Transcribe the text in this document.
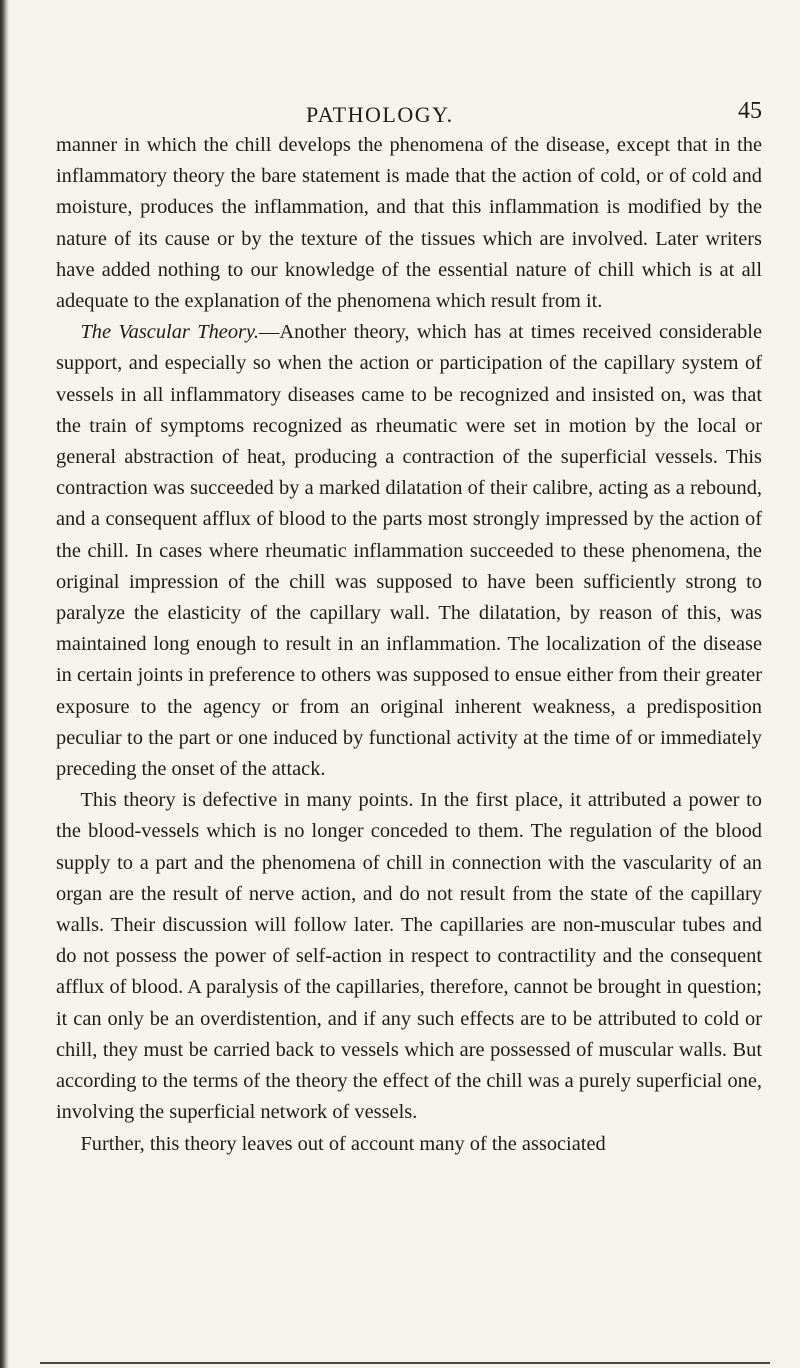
PATHOLOGY.	45

manner in which the chill develops the phenomena of the disease, except that in the inflammatory theory the bare statement is made that the action of cold, or of cold and moisture, produces the inflammation, and that this inflammation is modified by the nature of its cause or by the texture of the tissues which are involved. Later writers have added nothing to our knowledge of the essential nature of chill which is at all adequate to the explanation of the phenomena which result from it.

The Vascular Theory.—Another theory, which has at times received considerable support, and especially so when the action or participation of the capillary system of vessels in all inflammatory diseases came to be recognized and insisted on, was that the train of symptoms recognized as rheumatic were set in motion by the local or general abstraction of heat, producing a contraction of the superficial vessels. This contraction was succeeded by a marked dilatation of their calibre, acting as a rebound, and a consequent afflux of blood to the parts most strongly impressed by the action of the chill. In cases where rheumatic inflammation succeeded to these phenomena, the original impression of the chill was supposed to have been sufficiently strong to paralyze the elasticity of the capillary wall. The dilatation, by reason of this, was maintained long enough to result in an inflammation. The localization of the disease in certain joints in preference to others was supposed to ensue either from their greater exposure to the agency or from an original inherent weakness, a predisposition peculiar to the part or one induced by functional activity at the time of or immediately preceding the onset of the attack.

This theory is defective in many points. In the first place, it attributed a power to the blood-vessels which is no longer conceded to them. The regulation of the blood supply to a part and the phenomena of chill in connection with the vascularity of an organ are the result of nerve action, and do not result from the state of the capillary walls. Their discussion will follow later. The capillaries are non-muscular tubes and do not possess the power of self-action in respect to contractility and the consequent afflux of blood. A paralysis of the capillaries, therefore, cannot be brought in question; it can only be an overdistention, and if any such effects are to be attributed to cold or chill, they must be carried back to vessels which are possessed of muscular walls. But according to the terms of the theory the effect of the chill was a purely superficial one, involving the superficial network of vessels.

Further, this theory leaves out of account many of the associated
